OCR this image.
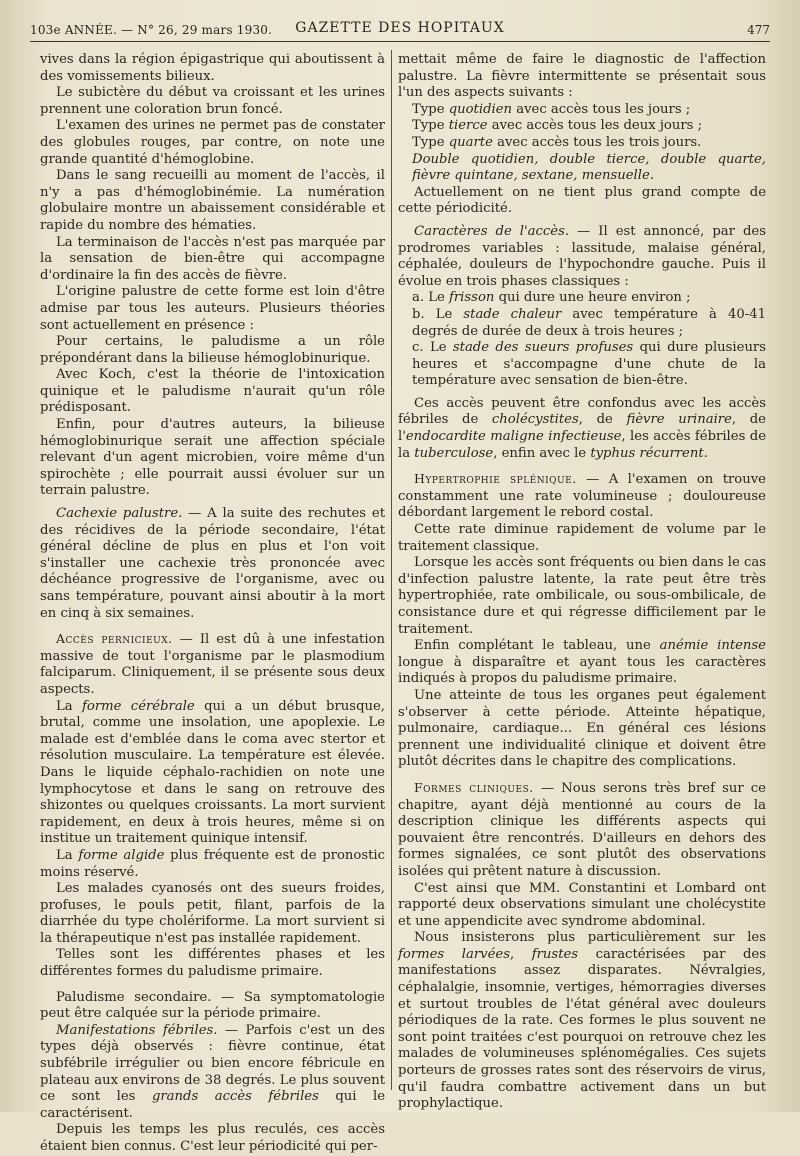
103e ANNÉE. — N° 26, 29 mars 1930.	GAZETTE DES HOPITAUX	477

vives dans la région épigastrique qui aboutissent à des vomissements bilieux.

Le subictère du début va croissant et les urines prennent une coloration brun foncé.

L'examen des urines ne permet pas de constater des globules rouges, par contre, on note une grande quantité d'hémoglobine.

Dans le sang recueilli au moment de l'accès, il n'y a pas d'hémoglobinémie. La numération globulaire montre un abaissement considérable et rapide du nombre des hématies.

La terminaison de l'accès n'est pas marquée par la sensation de bien-être qui accompagne d'ordinaire la fin des accès de fièvre.

L'origine palustre de cette forme est loin d'être admise par tous les auteurs. Plusieurs théories sont actuellement en présence :

Pour certains, le paludisme a un rôle prépondérant dans la bilieuse hémoglobinurique.

Avec Koch, c'est la théorie de l'intoxication quinique et le paludisme n'aurait qu'un rôle prédisposant.

Enfin, pour d'autres auteurs, la bilieuse hémoglobinurique serait une affection spéciale relevant d'un agent microbien, voire même d'un spirochète ; elle pourrait aussi évoluer sur un terrain palustre.

Cachexie palustre. — A la suite des rechutes et des récidives de la période secondaire, l'état général décline de plus en plus et l'on voit s'installer une cachexie très prononcée avec déchéance progressive de l'organisme, avec ou sans température, pouvant ainsi aboutir à la mort en cinq à six semaines.

Accès pernicieux. — Il est dû à une infestation massive de tout l'organisme par le plasmodium falciparum. Cliniquement, il se présente sous deux aspects.

La forme cérébrale qui a un début brusque, brutal, comme une insolation, une apoplexie. Le malade est d'emblée dans le coma avec stertor et résolution musculaire. La température est élevée. Dans le liquide céphalo-rachidien on note une lymphocytose et dans le sang on retrouve des shizontes ou quelques croissants. La mort survient rapidement, en deux à trois heures, même si on institue un traitement quinique intensif.

La forme algide plus fréquente est de pronostic moins réservé.

Les malades cyanosés ont des sueurs froides, profuses, le pouls petit, filant, parfois de la diarrhée du type cholériforme. La mort survient si la thérapeutique n'est pas installée rapidement.

Telles sont les différentes phases et les différentes formes du paludisme primaire.

Paludisme secondaire. — Sa symptomatologie peut être calquée sur la période primaire.

Manifestations fébriles. — Parfois c'est un des types déjà observés : fièvre continue, état subfébrile irrégulier ou bien encore fébricule en plateau aux environs de 38 degrés. Le plus souvent ce sont les grands accès fébriles qui le caractérisent.

Depuis les temps les plus reculés, ces accès étaient bien connus. C'est leur périodicité qui per-

mettait même de faire le diagnostic de l'affection palustre. La fièvre intermittente se présentait sous l'un des aspects suivants :

Type quotidien avec accès tous les jours ;

Type tierce avec accès tous les deux jours ;

Type quarte avec accès tous les trois jours.

Double quotidien, double tierce, double quarte, fièvre quintane, sextane, mensuelle.

Actuellement on ne tient plus grand compte de cette périodicité.

Caractères de l'accès. — Il est annoncé, par des prodromes variables : lassitude, malaise général, céphalée, douleurs de l'hypochondre gauche. Puis il évolue en trois phases classiques :

a. Le frisson qui dure une heure environ ;

b. Le stade chaleur avec température à 40-41 degrés de durée de deux à trois heures ;

c. Le stade des sueurs profuses qui dure plusieurs heures et s'accompagne d'une chute de la température avec sensation de bien-être.

Ces accès peuvent être confondus avec les accès fébriles de cholécystites, de fièvre urinaire, de l'endocardite maligne infectieuse, les accès fébriles de la tuberculose, enfin avec le typhus récurrent.

Hypertrophie splénique. — A l'examen on trouve constamment une rate volumineuse ; douloureuse débordant largement le rebord costal.

Cette rate diminue rapidement de volume par le traitement classique.

Lorsque les accès sont fréquents ou bien dans le cas d'infection palustre latente, la rate peut être très hypertrophiée, rate ombilicale, ou sous-ombilicale, de consistance dure et qui régresse difficilement par le traitement.

Enfin complétant le tableau, une anémie intense longue à disparaître et ayant tous les caractères indiqués à propos du paludisme primaire.

Une atteinte de tous les organes peut également s'observer à cette période. Atteinte hépatique, pulmonaire, cardiaque... En général ces lésions prennent une individualité clinique et doivent être plutôt décrites dans le chapitre des complications.

Formes cliniques. — Nous serons très bref sur ce chapitre, ayant déjà mentionné au cours de la description clinique les différents aspects qui pouvaient être rencontrés. D'ailleurs en dehors des formes signalées, ce sont plutôt des observations isolées qui prêtent nature à discussion.

C'est ainsi que MM. Constantini et Lombard ont rapporté deux observations simulant une cholécystite et une appendicite avec syndrome abdominal.

Nous insisterons plus particulièrement sur les formes larvées, frustes caractérisées par des manifestations assez disparates. Névralgies, céphalalgie, insomnie, vertiges, hémorragies diverses et surtout troubles de l'état général avec douleurs périodiques de la rate. Ces formes le plus souvent ne sont point traitées c'est pourquoi on retrouve chez les malades de volumineuses splénomégalies. Ces sujets porteurs de grosses rates sont des réservoirs de virus, qu'il faudra combattre activement dans un but prophylactique.
